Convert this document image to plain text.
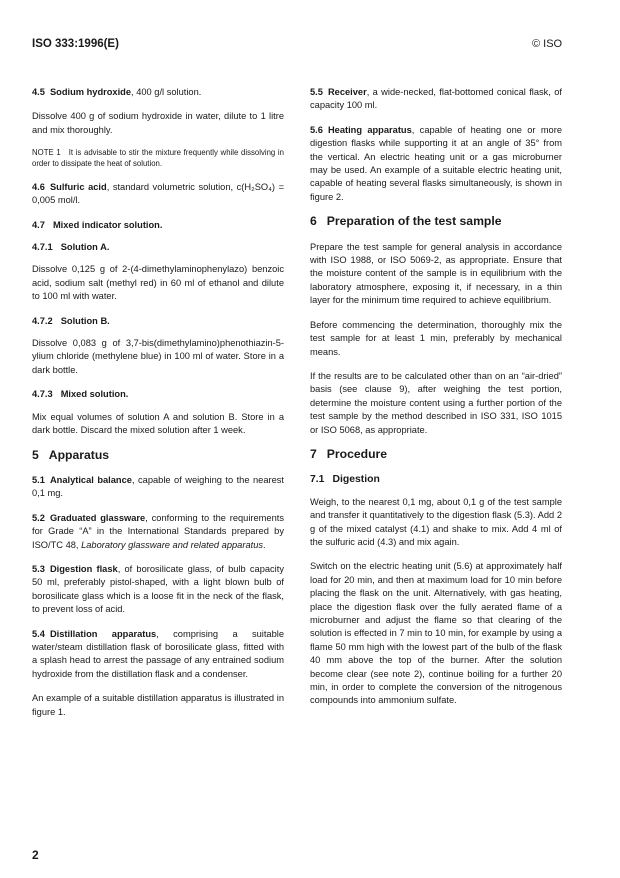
ISO 333:1996(E)	© ISO

4.5 Sodium hydroxide, 400 g/l solution.

Dissolve 400 g of sodium hydroxide in water, dilute to 1 litre and mix thoroughly.

NOTE 1 It is advisable to stir the mixture frequently while dissolving in order to dissipate the heat of solution.

4.6 Sulfuric acid, standard volumetric solution, c(H₂SO₄) = 0,005 mol/l.

4.7 Mixed indicator solution.
4.7.1 Solution A.

Dissolve 0,125 g of 2-(4-dimethylaminophenylazo) benzoic acid, sodium salt (methyl red) in 60 ml of ethanol and dilute to 100 ml with water.

4.7.2 Solution B.

Dissolve 0,083 g of 3,7-bis(dimethylamino)phenothiazin-5-ylium chloride (methylene blue) in 100 ml of water. Store in a dark bottle.

4.7.3 Mixed solution.

Mix equal volumes of solution A and solution B. Store in a dark bottle. Discard the mixed solution after 1 week.

5 Apparatus

5.1 Analytical balance, capable of weighing to the nearest 0,1 mg.

5.2 Graduated glassware, conforming to the requirements for Grade “A” in the International Standards prepared by ISO/TC 48, Laboratory glassware and related apparatus.

5.3 Digestion flask, of borosilicate glass, of bulb capacity 50 ml, preferably pistol-shaped, with a light blown bulb of borosilicate glass which is a loose fit in the neck of the flask, to prevent loss of acid.

5.4 Distillation apparatus, comprising a suitable water/steam distillation flask of borosilicate glass, fitted with a splash head to arrest the passage of any entrained sodium hydroxide from the distillation flask and a condenser.

An example of a suitable distillation apparatus is illustrated in figure 1.

5.5 Receiver, a wide-necked, flat-bottomed conical flask, of capacity 100 ml.

5.6 Heating apparatus, capable of heating one or more digestion flasks while supporting it at an angle of 35° from the vertical. An electric heating unit or a gas microburner may be used. An example of a suitable electric heating unit, capable of heating several flasks simultaneously, is shown in figure 2.

6 Preparation of the test sample

Prepare the test sample for general analysis in accordance with ISO 1988, or ISO 5069-2, as appropriate. Ensure that the moisture content of the sample is in equilibrium with the laboratory atmosphere, exposing it, if necessary, in a thin layer for the minimum time required to achieve equilibrium.

Before commencing the determination, thoroughly mix the test sample for at least 1 min, preferably by mechanical means.

If the results are to be calculated other than on an “air-dried” basis (see clause 9), after weighing the test portion, determine the moisture content using a further portion of the test sample by the method described in ISO 331, ISO 1015 or ISO 5068, as appropriate.

7 Procedure
7.1 Digestion

Weigh, to the nearest 0,1 mg, about 0,1 g of the test sample and transfer it quantitatively to the digestion flask (5.3). Add 2 g of the mixed catalyst (4.1) and shake to mix. Add 4 ml of the sulfuric acid (4.3) and mix again.

Switch on the electric heating unit (5.6) at approximately half load for 20 min, and then at maximum load for 10 min before placing the flask on the unit. Alternatively, with gas heating, place the digestion flask over the fully aerated flame of a microburner and adjust the flame so that clearing of the solution is effected in 7 min to 10 min, for example by using a flame 50 mm high with the lowest part of the bulb of the flask 40 mm above the top of the burner. After the solution become clear (see note 2), continue boiling for a further 20 min, in order to complete the conversion of the nitrogenous compounds into ammonium sulfate.

2
